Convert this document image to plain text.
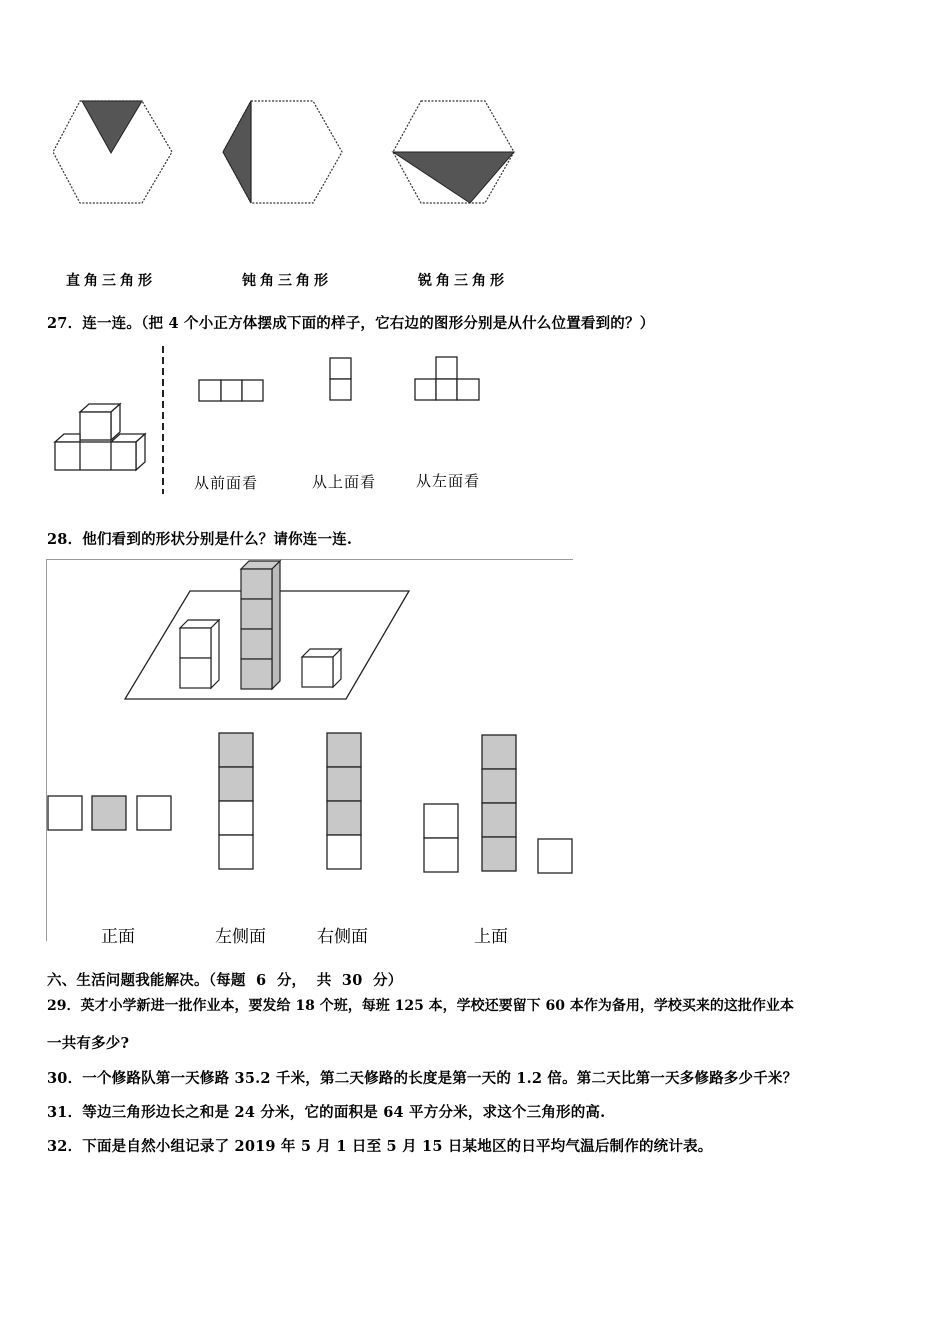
直角三角形	钝角三角形	锐角三角形
27．连一连。（把 4 个小正方体摆成下面的样子，它右边的图形分别是从什么位置看到的？）
从前面看	从上面看	从左面看
28．他们看到的形状分别是什么？请你连一连.
正面	左侧面	右侧面	上面
六、生活问题我能解决。（每题  6  分，  共  30  分）
29．英才小学新进一批作业本，要发给 18 个班，每班 125 本，学校还要留下 60 本作为备用，学校买来的这批作业本
一共有多少?
30．一个修路队第一天修路 35.2 千米，第二天修路的长度是第一天的 1.2 倍。第二天比第一天多修路多少千米？
31．等边三角形边长之和是 24 分米，它的面积是 64 平方分米，求这个三角形的高.
32．下面是自然小组记录了 2019 年 5 月 1 日至 5 月 15 日某地区的日平均气温后制作的统计表。
